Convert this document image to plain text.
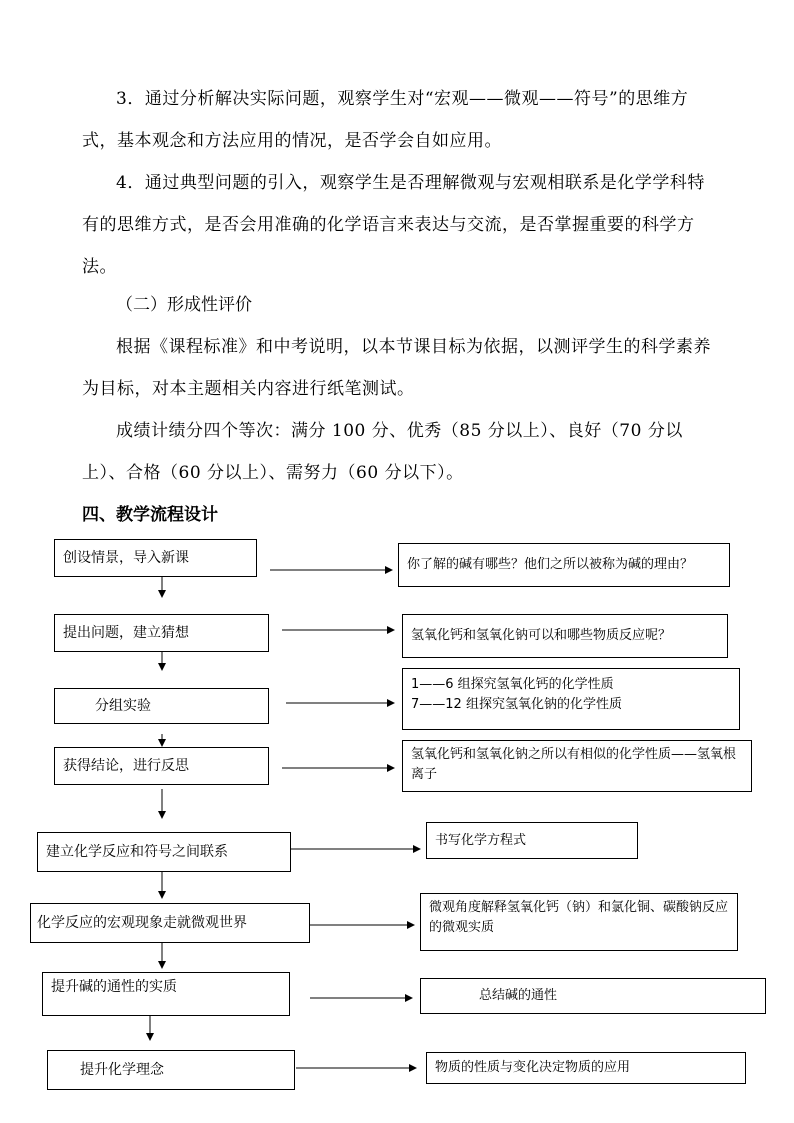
3．通过分析解决实际问题，观察学生对“宏观——微观——符号”的思维方式，基本观念和方法应用的情况，是否学会自如应用。

4．通过典型问题的引入，观察学生是否理解微观与宏观相联系是化学学科特有的思维方式，是否会用准确的化学语言来表达与交流，是否掌握重要的科学方法。

（二）形成性评价

根据《课程标准》和中考说明，以本节课目标为依据，以测评学生的科学素养为目标，对本主题相关内容进行纸笔测试。

成绩计绩分四个等次：满分 100 分、优秀（85 分以上）、良好（70 分以上）、合格（60 分以上）、需努力（60 分以下）。

四、教学流程设计
创设情景，导入新课
提出问题，建立猜想
分组实验
获得结论，进行反思
建立化学反应和符号之间联系
化学反应的宏观现象走就微观世界
提升碱的通性的实质
提升化学理念
你了解的碱有哪些？他们之所以被称为碱的理由？
氢氧化钙和氢氧化钠可以和哪些物质反应呢？
1——6 组探究氢氧化钙的化学性质
7——12 组探究氢氧化钠的化学性质
氢氧化钙和氢氧化钠之所以有相似的化学性质——氢氧根离子
书写化学方程式
微观角度解释氢氧化钙（钠）和氯化铜、碳酸钠反应的微观实质
总结碱的通性
物质的性质与变化决定物质的应用
